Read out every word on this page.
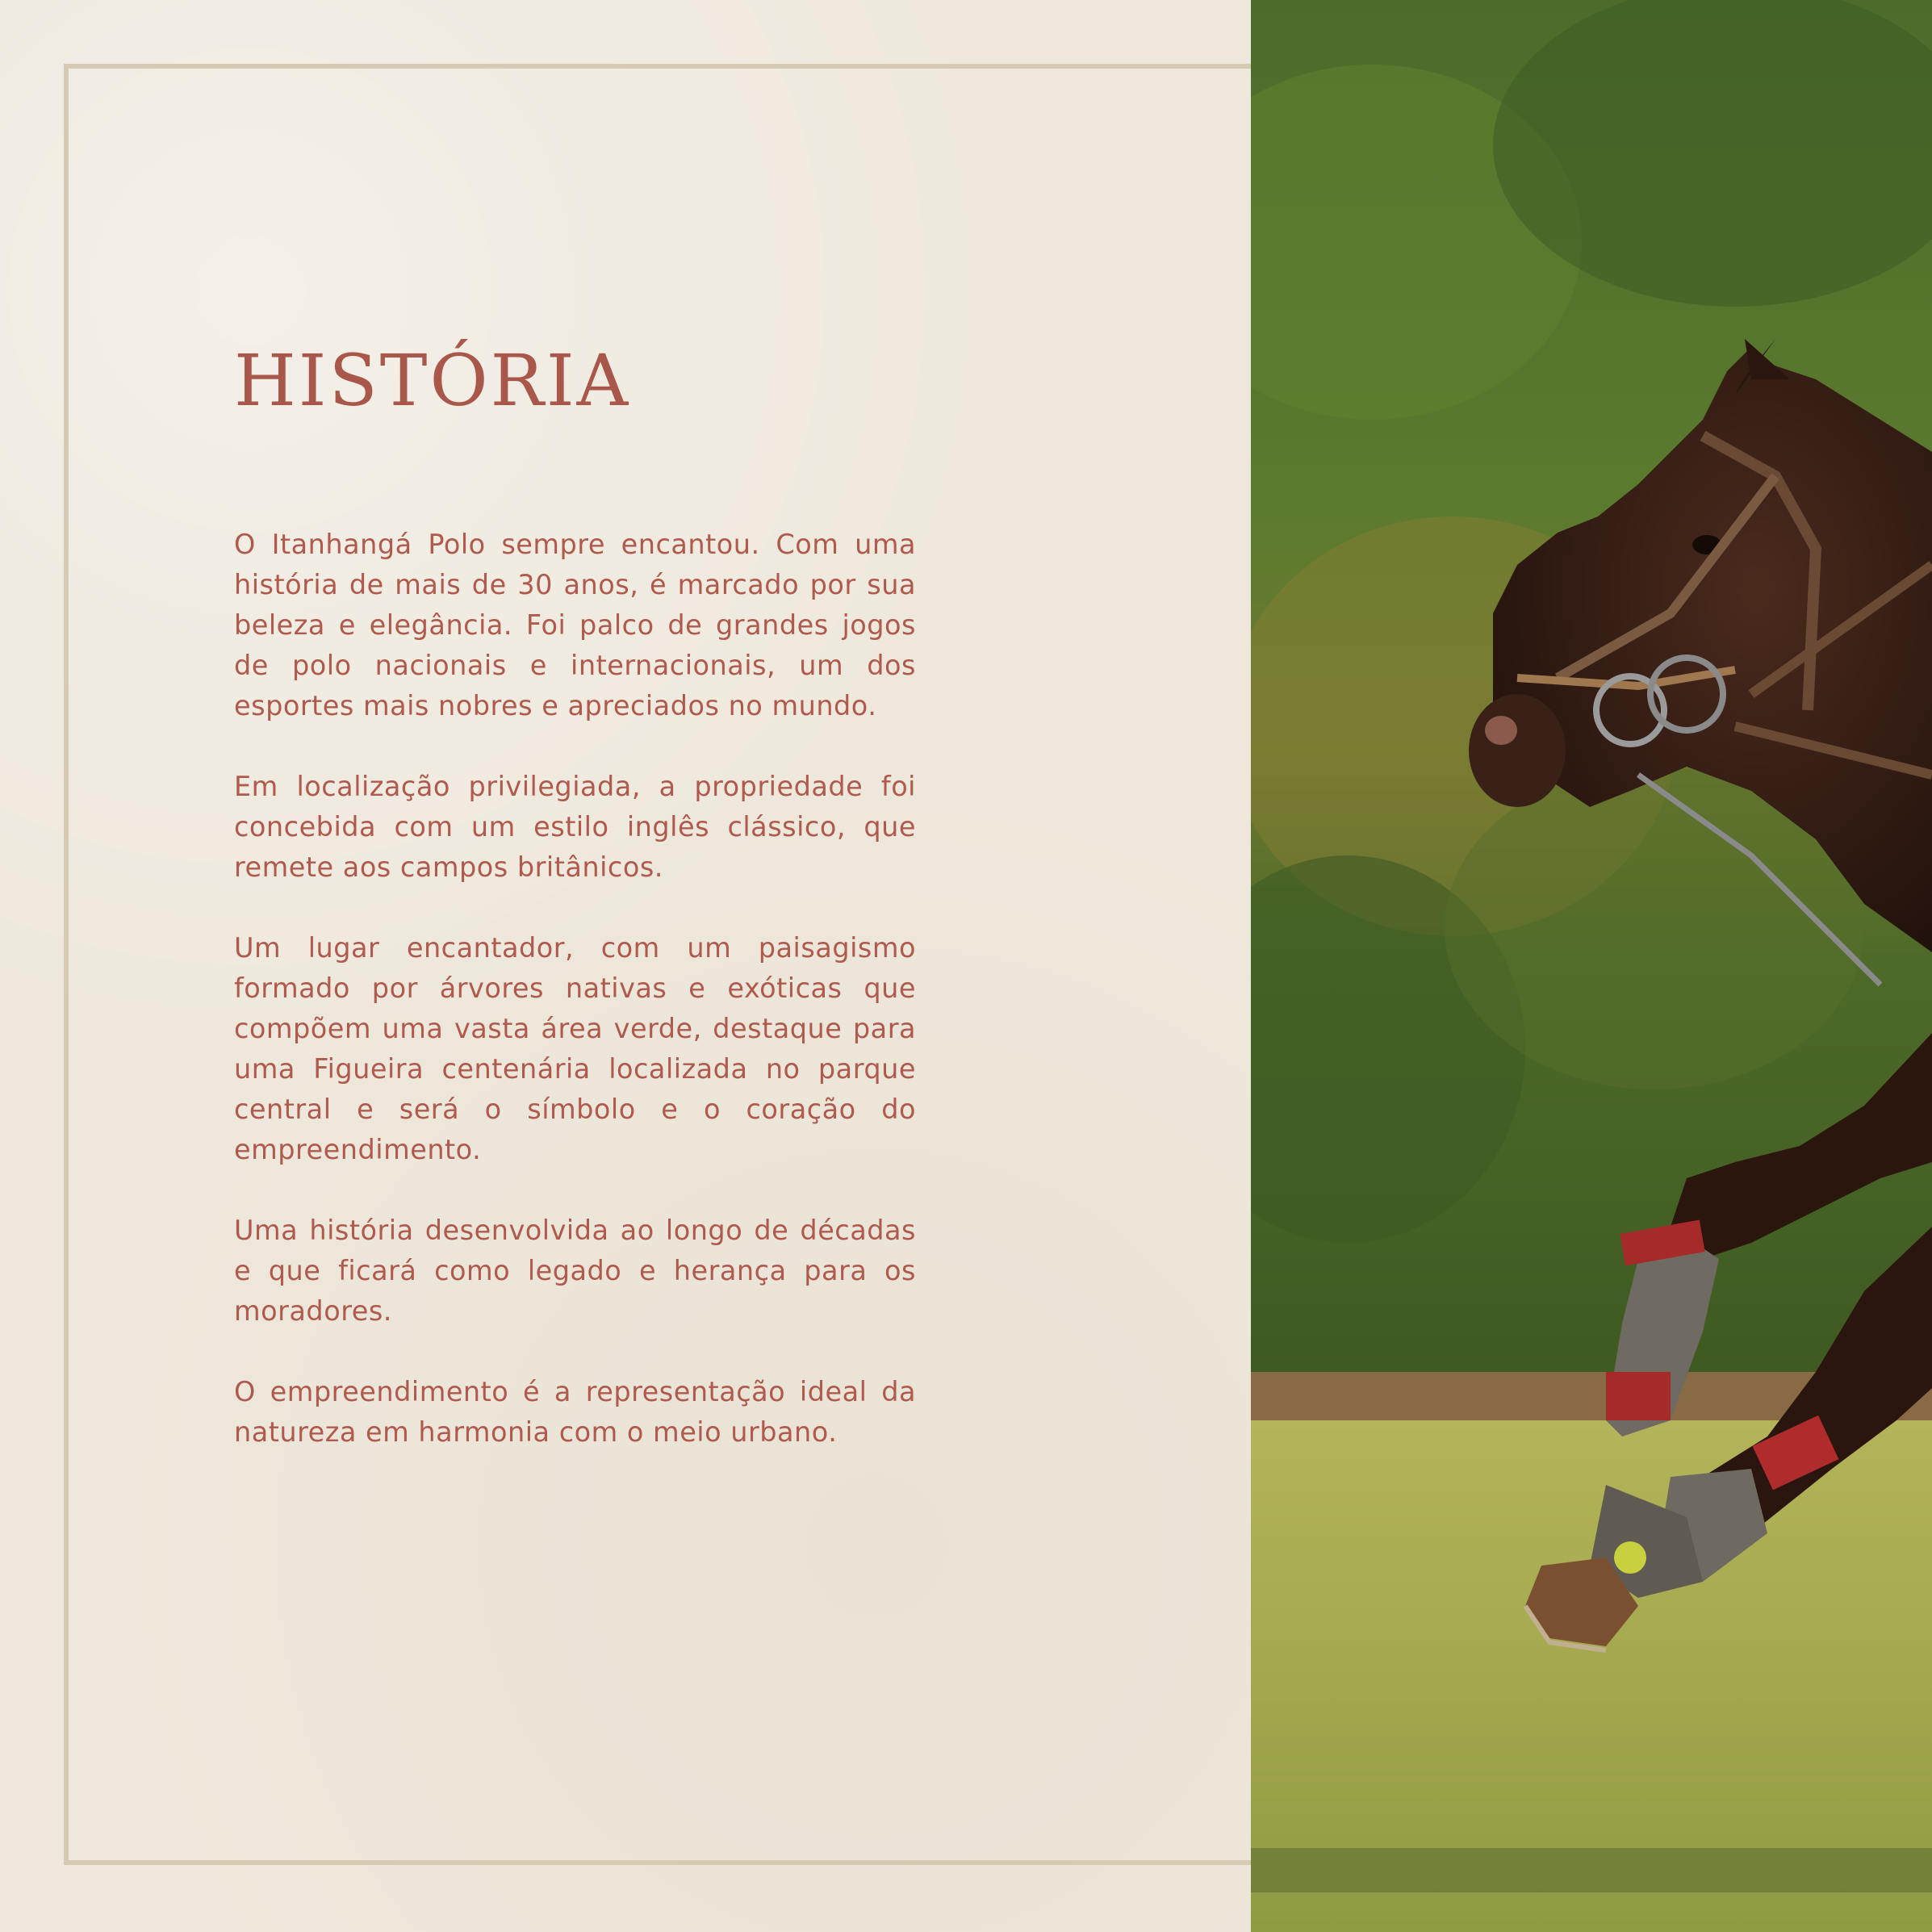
HISTÓRIA

O Itanhangá Polo sempre encantou. Com uma história de mais de 30 anos, é marcado por sua beleza e elegância. Foi palco de grandes jogos de polo nacionais e internacionais, um dos esportes mais nobres e apreciados no mundo.

Em localização privilegiada, a propriedade foi concebida com um estilo inglês clássico, que remete aos campos britânicos.

Um lugar encantador, com um paisagismo formado por árvores nativas e exóticas que compõem uma vasta área verde, destaque para uma Figueira centenária localizada no parque central e será o símbolo e o coração do empreendimento.

Uma história desenvolvida ao longo de décadas e que ficará como legado e herança para os moradores.

O empreendimento é a representação ideal da natureza em harmonia com o meio urbano.
